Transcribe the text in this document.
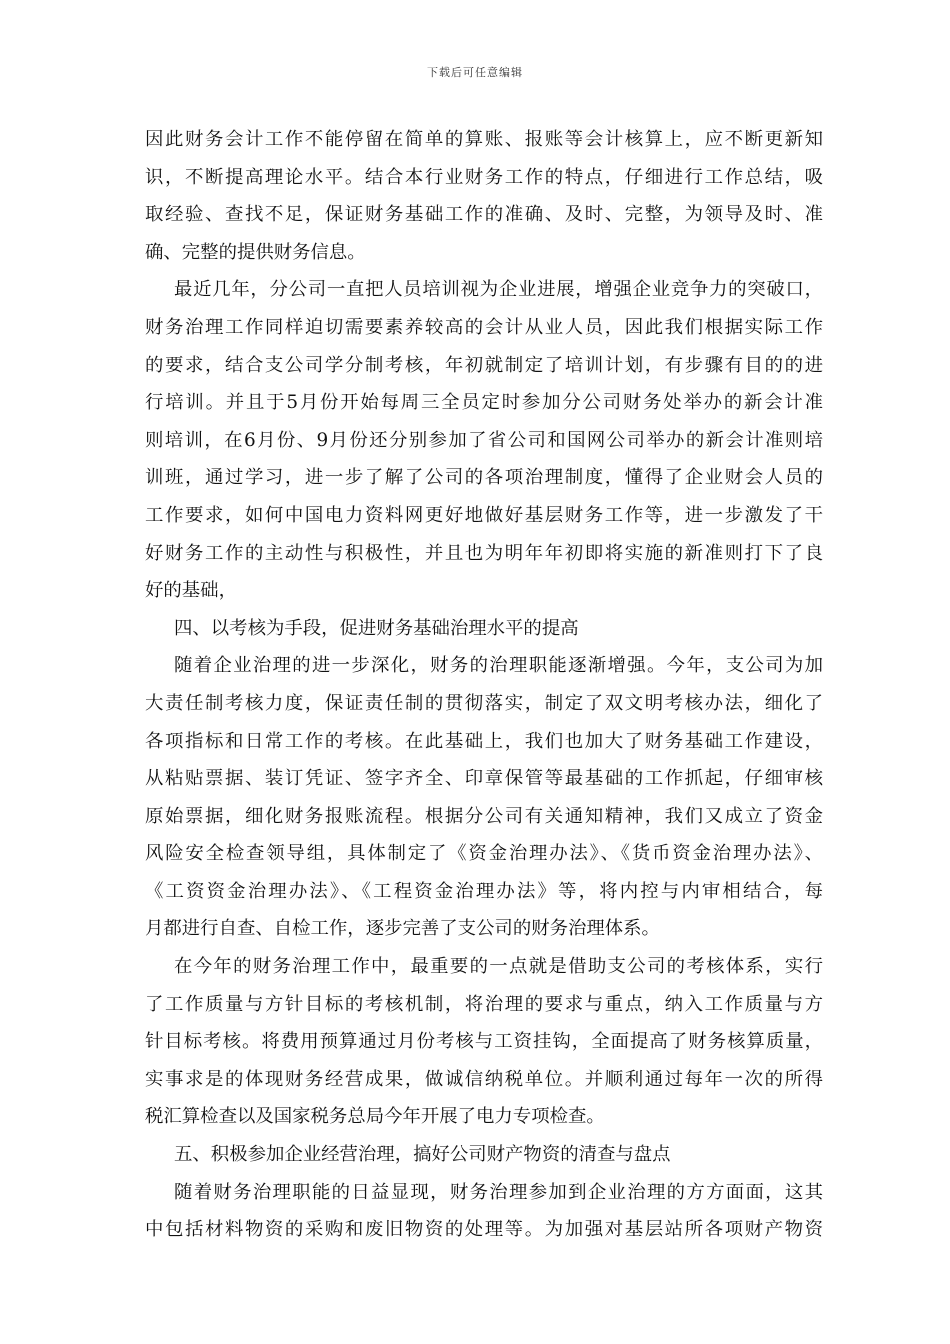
下载后可任意编辑
因此财务会计工作不能停留在简单的算账、报账等会计核算上，应不断更新知
识，不断提高理论水平。结合本行业财务工作的特点，仔细进行工作总结，吸
取经验、查找不足，保证财务基础工作的准确、及时、完整，为领导及时、准
确、完整的提供财务信息。
最近几年，分公司一直把人员培训视为企业进展，增强企业竞争力的突破口，
财务治理工作同样迫切需要素养较高的会计从业人员，因此我们根据实际工作
的要求，结合支公司学分制考核，年初就制定了培训计划，有步骤有目的的进
行培训。并且于5月份开始每周三全员定时参加分公司财务处举办的新会计准
则培训，在6月份、9月份还分别参加了省公司和国网公司举办的新会计准则培
训班，通过学习，进一步了解了公司的各项治理制度，懂得了企业财会人员的
工作要求，如何中国电力资料网更好地做好基层财务工作等，进一步激发了干
好财务工作的主动性与积极性，并且也为明年年初即将实施的新准则打下了良
好的基础，
四、以考核为手段，促进财务基础治理水平的提高
随着企业治理的进一步深化，财务的治理职能逐渐增强。今年，支公司为加
大责任制考核力度，保证责任制的贯彻落实，制定了双文明考核办法，细化了
各项指标和日常工作的考核。在此基础上，我们也加大了财务基础工作建设，
从粘贴票据、装订凭证、签字齐全、印章保管等最基础的工作抓起，仔细审核
原始票据，细化财务报账流程。根据分公司有关通知精神，我们又成立了资金
风险安全检查领导组，具体制定了《资金治理办法》、《货币资金治理办法》、
《工资资金治理办法》、《工程资金治理办法》等，将内控与内审相结合，每
月都进行自查、自检工作，逐步完善了支公司的财务治理体系。
在今年的财务治理工作中，最重要的一点就是借助支公司的考核体系，实行
了工作质量与方针目标的考核机制，将治理的要求与重点，纳入工作质量与方
针目标考核。将费用预算通过月份考核与工资挂钩，全面提高了财务核算质量，
实事求是的体现财务经营成果，做诚信纳税单位。并顺利通过每年一次的所得
税汇算检查以及国家税务总局今年开展了电力专项检查。
五、积极参加企业经营治理，搞好公司财产物资的清查与盘点
随着财务治理职能的日益显现，财务治理参加到企业治理的方方面面，这其
中包括材料物资的采购和废旧物资的处理等。为加强对基层站所各项财产物资
